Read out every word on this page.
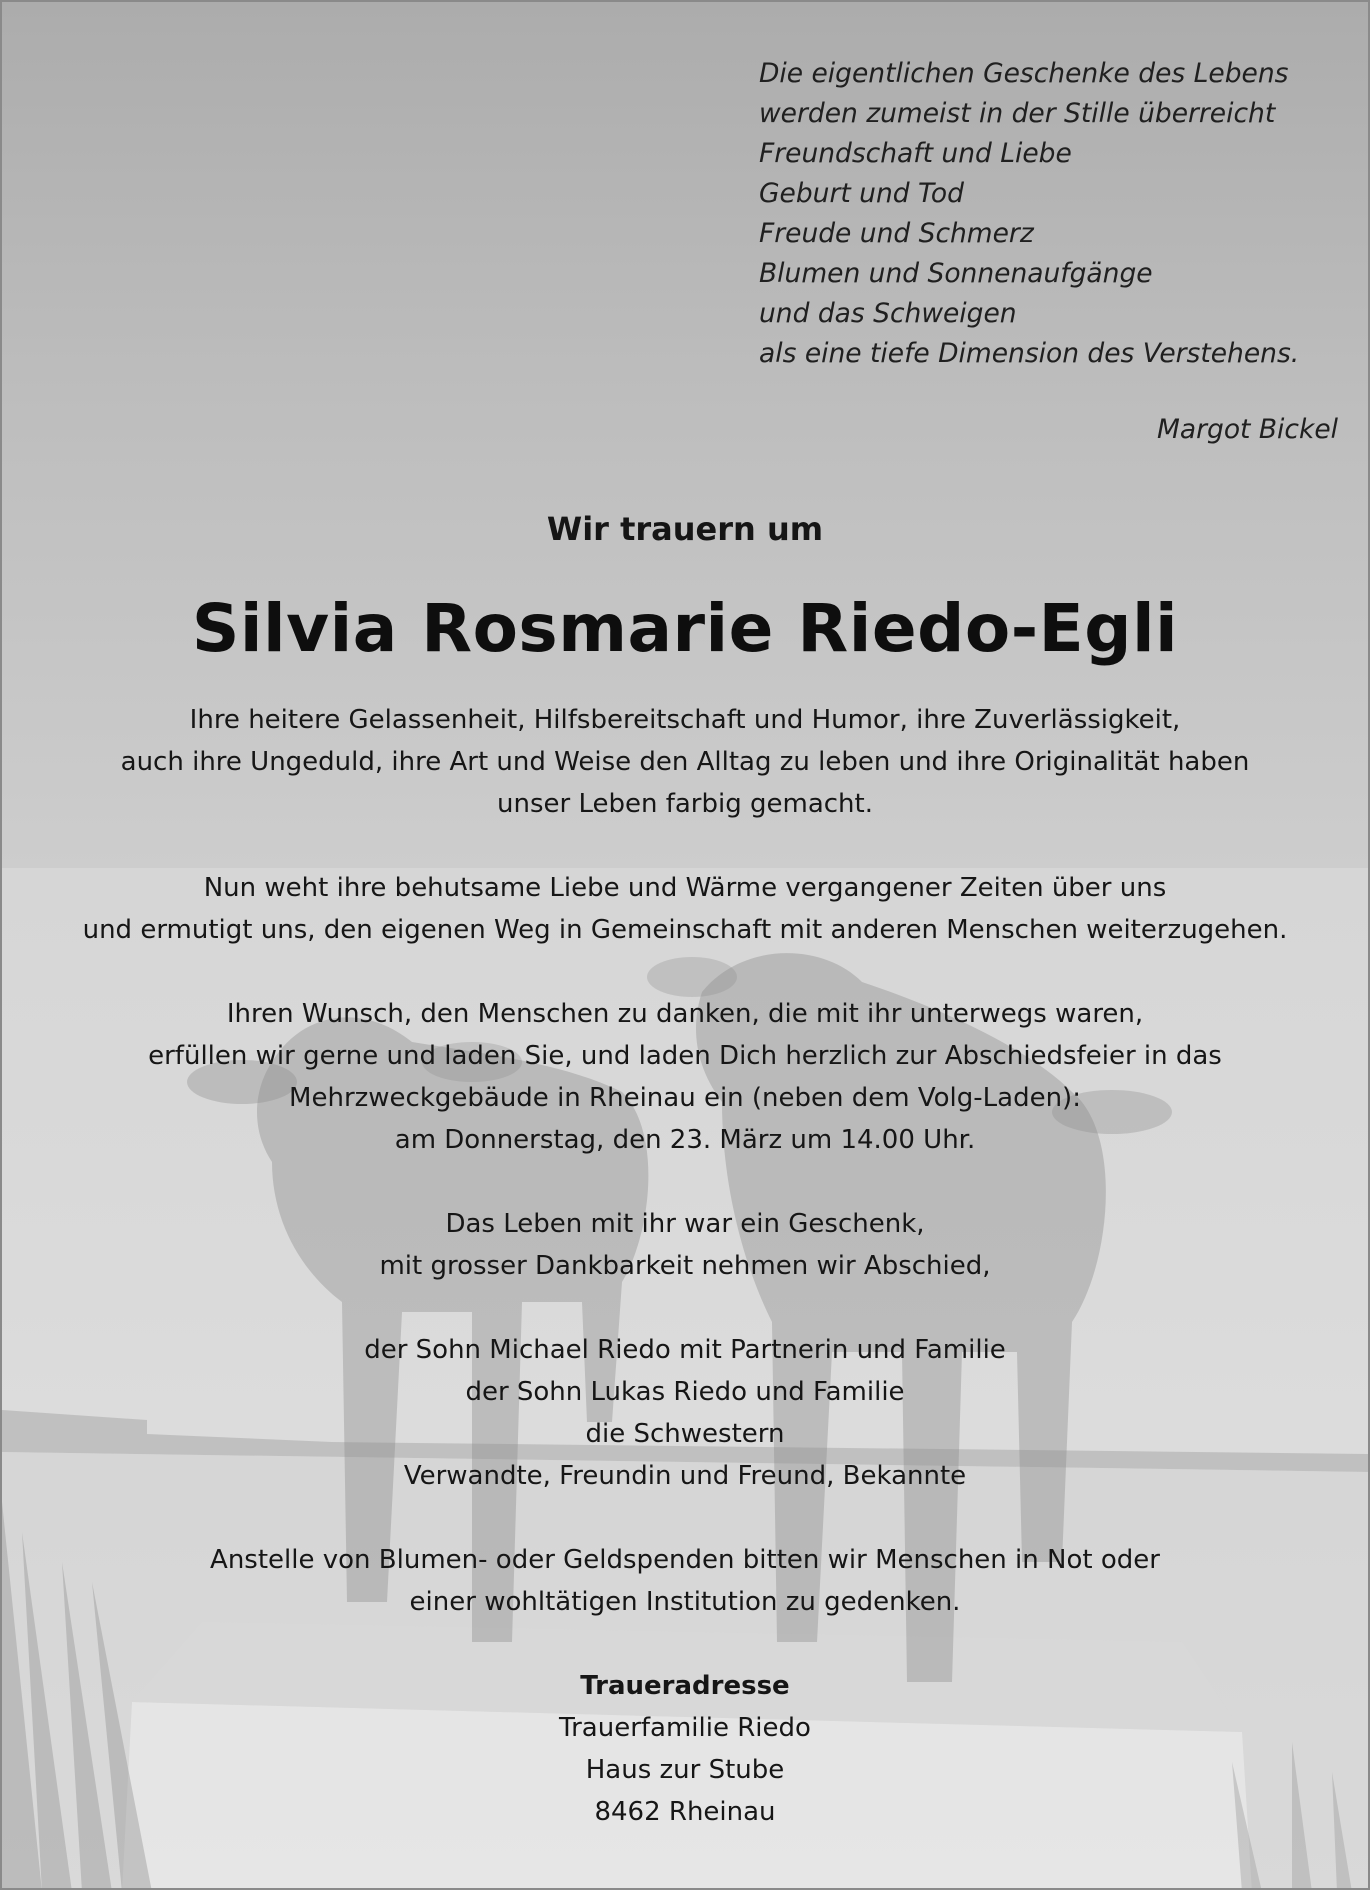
Die eigentlichen Geschenke des Lebens
werden zumeist in der Stille überreicht
Freundschaft und Liebe
Geburt und Tod
Freude und Schmerz
Blumen und Sonnenaufgänge
und das Schweigen
als eine tiefe Dimension des Verstehens.
Margot Bickel
Wir trauern um
Silvia Rosmarie Riedo-Egli

Ihre heitere Gelassenheit, Hilfsbereitschaft und Humor, ihre Zuverlässigkeit,
auch ihre Ungeduld, ihre Art und Weise den Alltag zu leben und ihre Originalität haben
unser Leben farbig gemacht.

Nun weht ihre behutsame Liebe und Wärme vergangener Zeiten über uns
und ermutigt uns, den eigenen Weg in Gemeinschaft mit anderen Menschen weiterzugehen.

Ihren Wunsch, den Menschen zu danken, die mit ihr unterwegs waren,
erfüllen wir gerne und laden Sie, und laden Dich herzlich zur Abschiedsfeier in das
Mehrzweckgebäude in Rheinau ein (neben dem Volg-Laden):
am Donnerstag, den 23. März um 14.00 Uhr.

Das Leben mit ihr war ein Geschenk,
mit grosser Dankbarkeit nehmen wir Abschied,

der Sohn Michael Riedo mit Partnerin und Familie
der Sohn Lukas Riedo und Familie
die Schwestern
Verwandte, Freundin und Freund, Bekannte

Anstelle von Blumen- oder Geldspenden bitten wir Menschen in Not oder
einer wohltätigen Institution zu gedenken.

Traueradresse
Trauerfamilie Riedo
Haus zur Stube
8462 Rheinau
